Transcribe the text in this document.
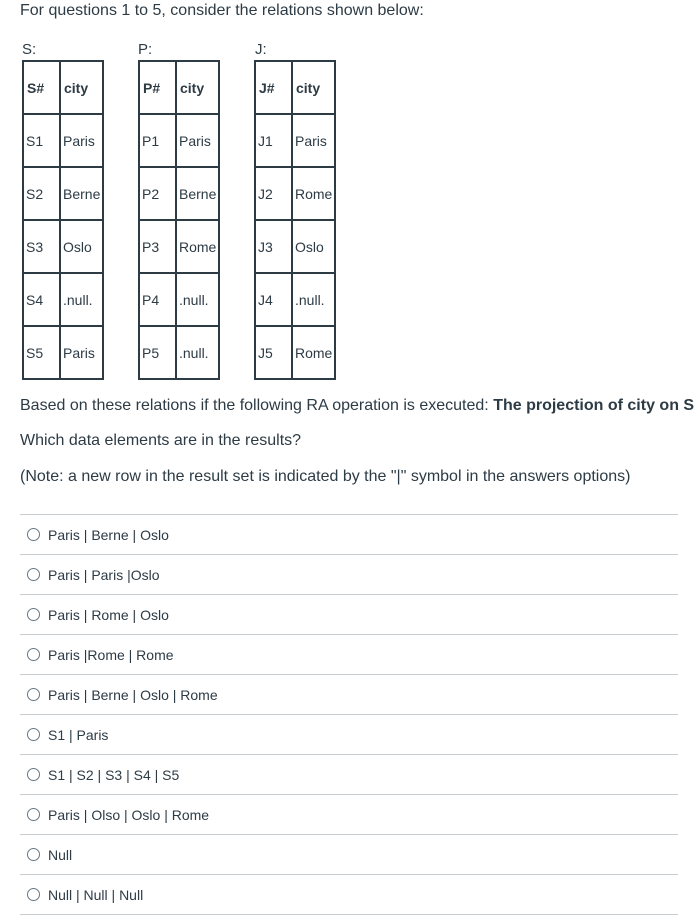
For questions 1 to 5, consider the relations shown below:
S:
S#	city
S1	Paris
S2	Berne
S3	Oslo
S4	.null.
S5	Paris
P:
P#	city
P1	Paris
P2	Berne
P3	Rome
P4	.null.
P5	.null.
J:
J#	city
J1	Paris
J2	Rome
J3	Oslo
J4	.null.
J5	Rome
Based on these relations if the following RA operation is executed: The projection of city on S
Which data elements are in the results?
(Note: a new row in the result set is indicated by the "|" symbol in the answers options)
Paris | Berne | Oslo
Paris | Paris |Oslo
Paris | Rome | Oslo
Paris |Rome | Rome
Paris | Berne | Oslo | Rome
S1 | Paris
S1 | S2 | S3 | S4 | S5
Paris | Olso | Oslo | Rome
Null
Null | Null | Null
